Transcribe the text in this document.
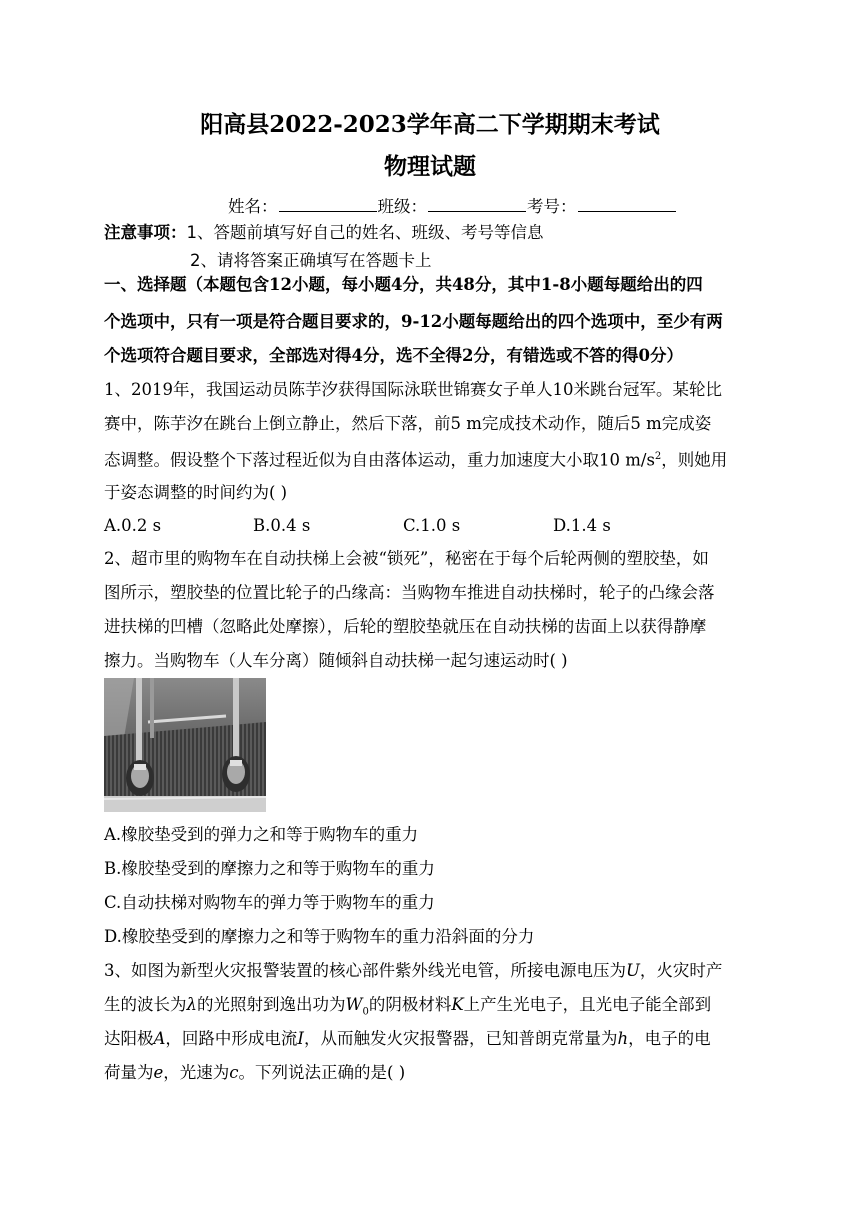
阳高县2022-2023学年高二下学期期末考试
物理试题
姓名：	班级：	考号：
注意事项：1、答题前填写好自己的姓名、班级、考号等信息
2、请将答案正确填写在答题卡上
一、选择题（本题包含12小题，每小题4分，共48分，其中1-8小题每题给出的四
个选项中，只有一项是符合题目要求的，9-12小题每题给出的四个选项中，至少有两
个选项符合题目要求，全部选对得4分，选不全得2分，有错选或不答的得0分）
1、2019年，我国运动员陈芋汐获得国际泳联世锦赛女子单人10米跳台冠军。某轮比
赛中，陈芋汐在跳台上倒立静止，然后下落，前5 m完成技术动作，随后5 m完成姿
态调整。假设整个下落过程近似为自由落体运动，重力加速度大小取10 $m/s^2$，则她用
于姿态调整的时间约为( )
A.0.2 s	B.0.4 s	C.1.0 s	D.1.4 s
2、超市里的购物车在自动扶梯上会被“锁死”，秘密在于每个后轮两侧的塑胶垫，如
图所示，塑胶垫的位置比轮子的凸缘高：当购物车推进自动扶梯时，轮子的凸缘会落
进扶梯的凹槽（忽略此处摩擦），后轮的塑胶垫就压在自动扶梯的齿面上以获得静摩
擦力。当购物车（人车分离）随倾斜自动扶梯一起匀速运动时( )
A.橡胶垫受到的弹力之和等于购物车的重力
B.橡胶垫受到的摩擦力之和等于购物车的重力
C.自动扶梯对购物车的弹力等于购物车的重力
D.橡胶垫受到的摩擦力之和等于购物车的重力沿斜面的分力
3、如图为新型火灾报警装置的核心部件紫外线光电管，所接电源电压为U，火灾时产
生的波长为λ的光照射到逸出功为$W_0$的阴极材料K上产生光电子，且光电子能全部到
达阳极A，回路中形成电流I，从而触发火灾报警器，已知普朗克常量为h，电子的电
荷量为e，光速为c。下列说法正确的是( )
